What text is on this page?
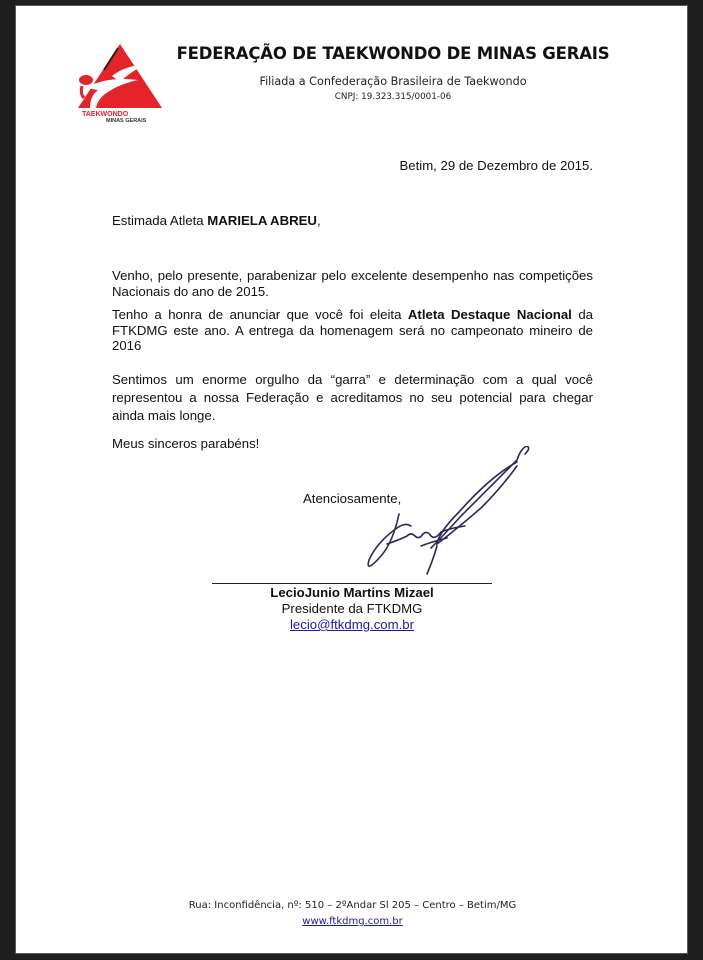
TAEKWONDO
MINAS GERAIS
FEDERAÇÃO DE TAEKWONDO DE MINAS GERAIS
Filiada a Confederação Brasileira de Taekwondo
CNPJ: 19.323.315/0001-06
Betim, 29 de Dezembro de 2015.
Estimada Atleta MARIELA ABREU,
Venho, pelo presente, parabenizar pelo excelente desempenho nas competições Nacionais do ano de 2015.
Tenho a honra de anunciar que você foi eleita Atleta Destaque Nacional da FTKDMG este ano. A entrega da homenagem será no campeonato mineiro de 2016
Sentimos um enorme orgulho da “garra” e determinação com a qual você representou a nossa Federação e acreditamos no seu potencial para chegar ainda mais longe.
Meus sinceros parabéns!
Atenciosamente,
LecioJunio Martins Mizael
Presidente da FTKDMG
lecio@ftkdmg.com.br
Rua: Inconfidência, nº: 510 – 2ºAndar Sl 205 – Centro – Betim/MG
www.ftkdmg.com.br
